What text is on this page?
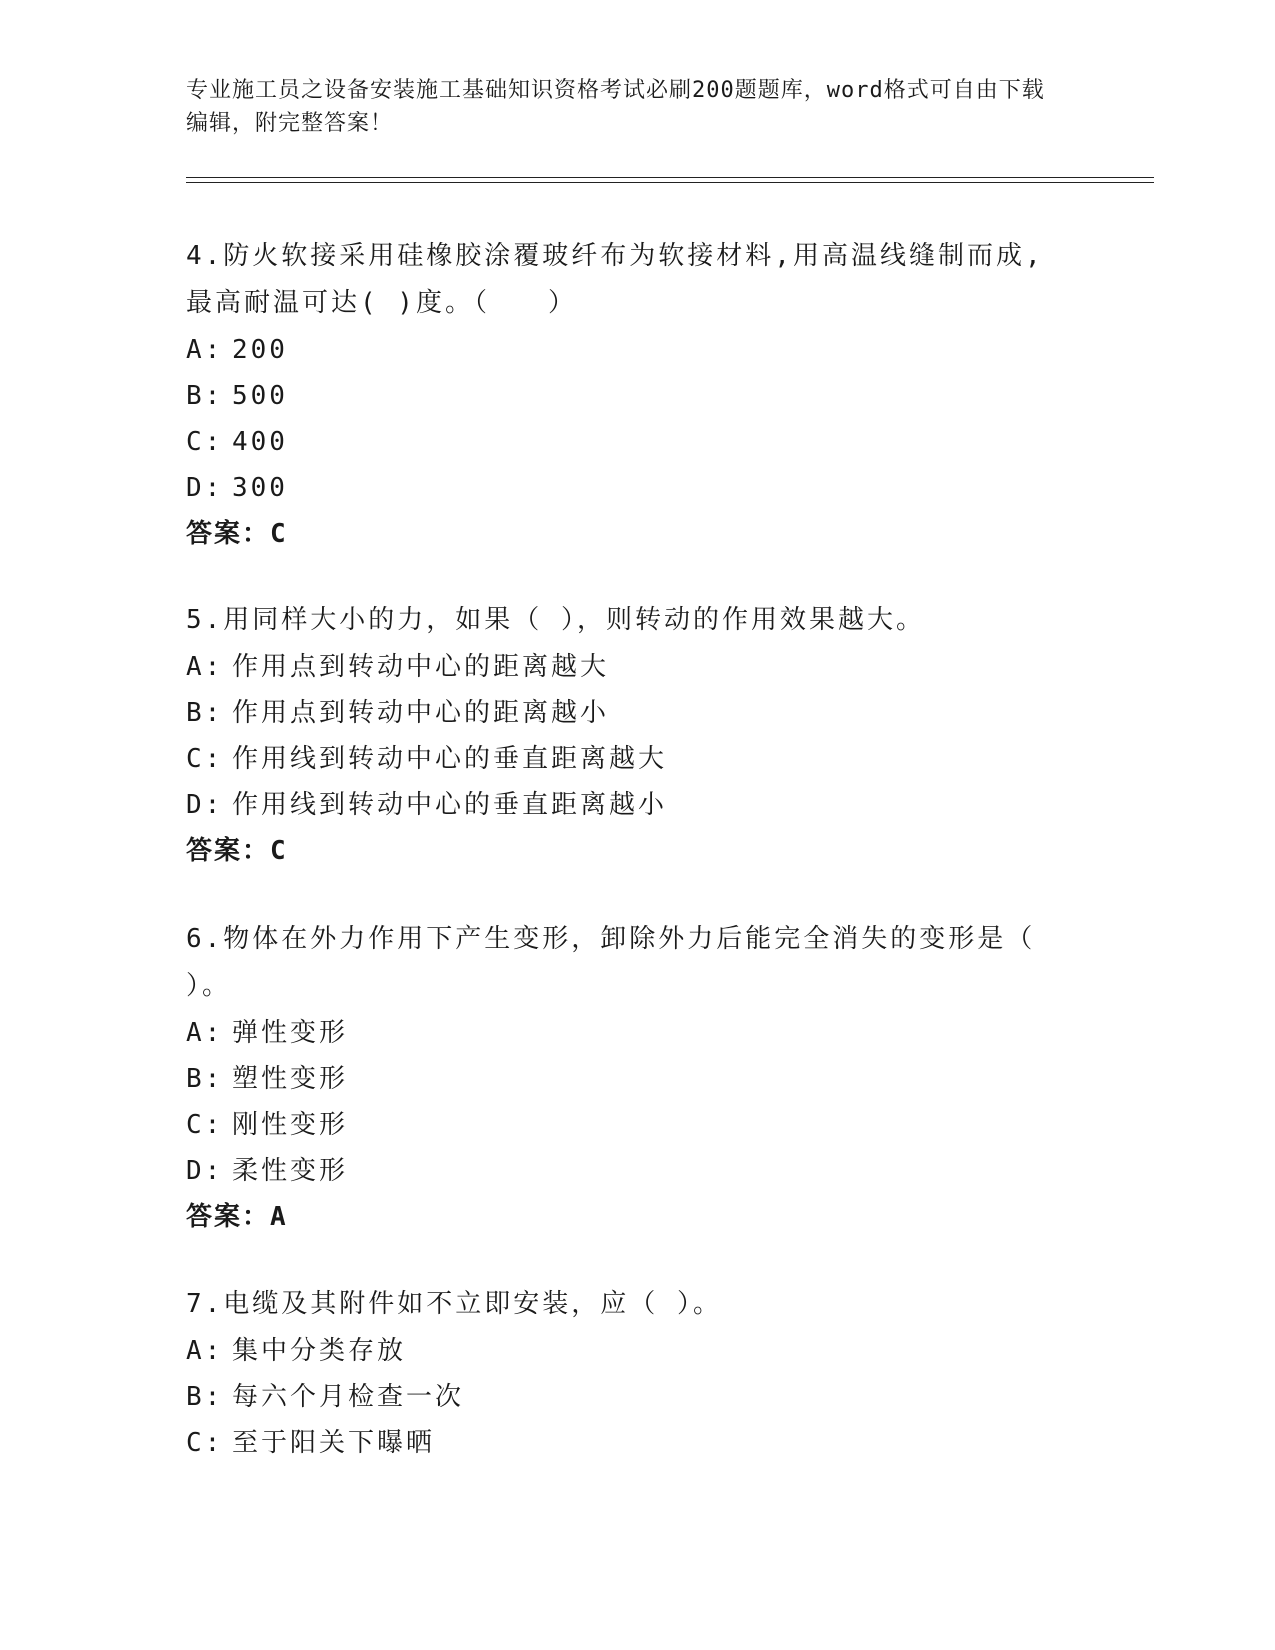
专业施工员之设备安装施工基础知识资格考试必刷200题题库，word格式可自由下载编辑，附完整答案！
4.防火软接采用硅橡胶涂覆玻纤布为软接材料,用高温线缝制而成,最高耐温可达( )度。（　　）
A: 200
B: 500
C: 400
D: 300
答案：C
5.用同样大小的力，如果（ ），则转动的作用效果越大。
A: 作用点到转动中心的距离越大
B: 作用点到转动中心的距离越小
C: 作用线到转动中心的垂直距离越大
D: 作用线到转动中心的垂直距离越小
答案：C
6.物体在外力作用下产生变形，卸除外力后能完全消失的变形是（ ）。
A: 弹性变形
B: 塑性变形
C: 刚性变形
D: 柔性变形
答案：A
7.电缆及其附件如不立即安装，应（ ）。
A: 集中分类存放
B: 每六个月检查一次
C: 至于阳关下曝晒
